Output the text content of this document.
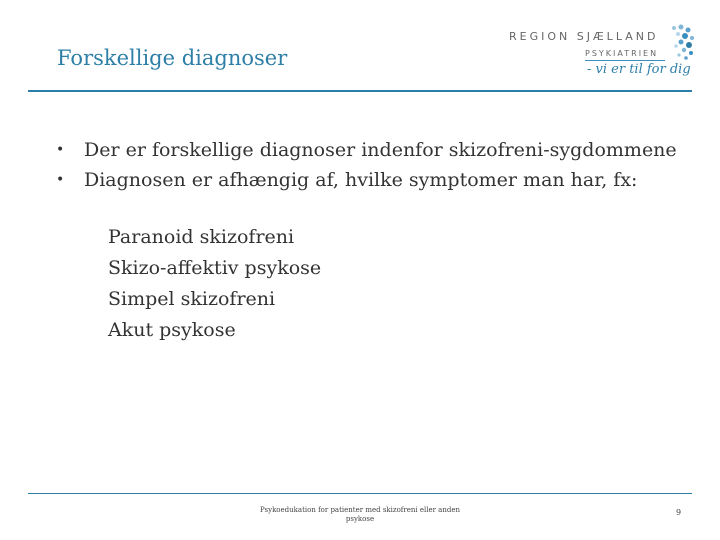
Forskellige diagnoser
REGION SJÆLLAND
PSYKIATRIEN
- vi er til for dig
•	Der er forskellige diagnoser indenfor skizofreni-sygdommene
•	Diagnosen er afhængig af, hvilke symptomer man har, fx:
Paranoid skizofreni
Skizo-affektiv psykose
Simpel skizofreni
Akut psykose
Psykoedukation for patienter med skizofreni eller anden psykose
9
